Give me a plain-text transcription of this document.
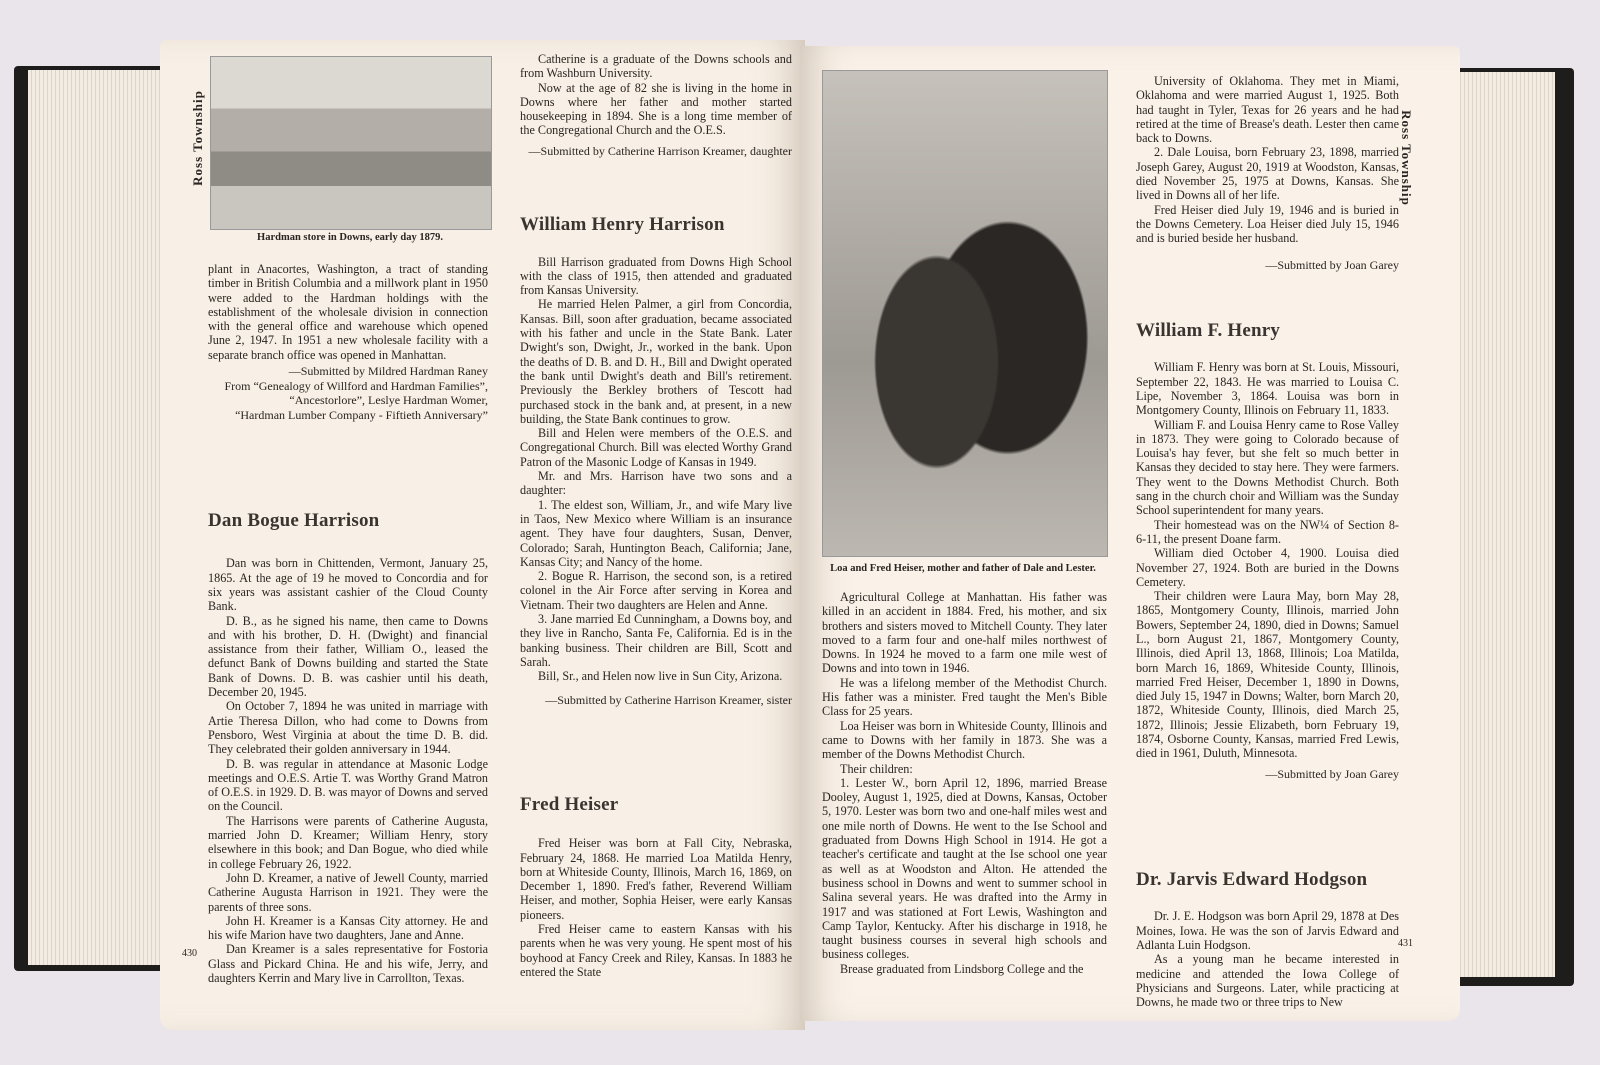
Ross Township
Hardman store in Downs, early day 1879.

plant in Anacortes, Washington, a tract of standing timber in British Columbia and a millwork plant in 1950 were added to the Hardman holdings with the establishment of the wholesale division in connection with the general office and warehouse which opened June 2, 1947. In 1951 a new wholesale facility with a separate branch office was opened in Manhattan.

—Submitted by Mildred Hardman Raney
From “Genealogy of Willford and Hardman Families”,
“Ancestorlore”, Leslye Hardman Womer,
“Hardman Lumber Company - Fiftieth Anniversary”
Dan Bogue Harrison

Dan was born in Chittenden, Vermont, January 25, 1865. At the age of 19 he moved to Concordia and for six years was assistant cashier of the Cloud County Bank.

D. B., as he signed his name, then came to Downs and with his brother, D. H. (Dwight) and financial assistance from their father, William O., leased the defunct Bank of Downs building and started the State Bank of Downs. D. B. was cashier until his death, December 20, 1945.

On October 7, 1894 he was united in marriage with Artie Theresa Dillon, who had come to Downs from Pensboro, West Virginia at about the time D. B. did. They celebrated their golden anniversary in 1944.

D. B. was regular in attendance at Masonic Lodge meetings and O.E.S. Artie T. was Worthy Grand Matron of O.E.S. in 1929. D. B. was mayor of Downs and served on the Council.

The Harrisons were parents of Catherine Augusta, married John D. Kreamer; William Henry, story elsewhere in this book; and Dan Bogue, who died while in college February 26, 1922.

John D. Kreamer, a native of Jewell County, married Catherine Augusta Harrison in 1921. They were the parents of three sons.

John H. Kreamer is a Kansas City attorney. He and his wife Marion have two daughters, Jane and Anne.

Dan Kreamer is a sales representative for Fostoria Glass and Pickard China. He and his wife, Jerry, and daughters Kerrin and Mary live in Carrollton, Texas.

430

Catherine is a graduate of the Downs schools and from Washburn University.

Now at the age of 82 she is living in the home in Downs where her father and mother started housekeeping in 1894. She is a long time member of the Congregational Church and the O.E.S.

—Submitted by Catherine Harrison Kreamer, daughter
William Henry Harrison

Bill Harrison graduated from Downs High School with the class of 1915, then attended and graduated from Kansas University.

He married Helen Palmer, a girl from Concordia, Kansas. Bill, soon after graduation, became associated with his father and uncle in the State Bank. Later Dwight's son, Dwight, Jr., worked in the bank. Upon the deaths of D. B. and D. H., Bill and Dwight operated the bank until Dwight's death and Bill's retirement. Previously the Berkley brothers of Tescott had purchased stock in the bank and, at present, in a new building, the State Bank continues to grow.

Bill and Helen were members of the O.E.S. and Congregational Church. Bill was elected Worthy Grand Patron of the Masonic Lodge of Kansas in 1949.

Mr. and Mrs. Harrison have two sons and a daughter:

1. The eldest son, William, Jr., and wife Mary live in Taos, New Mexico where William is an insurance agent. They have four daughters, Susan, Denver, Colorado; Sarah, Huntington Beach, California; Jane, Kansas City; and Nancy of the home.

2. Bogue R. Harrison, the second son, is a retired colonel in the Air Force after serving in Korea and Vietnam. Their two daughters are Helen and Anne.

3. Jane married Ed Cunningham, a Downs boy, and they live in Rancho, Santa Fe, California. Ed is in the banking business. Their children are Bill, Scott and Sarah.

Bill, Sr., and Helen now live in Sun City, Arizona.

—Submitted by Catherine Harrison Kreamer, sister
Fred Heiser

Fred Heiser was born at Fall City, Nebraska, February 24, 1868. He married Loa Matilda Henry, born at Whiteside County, Illinois, March 16, 1869, on December 1, 1890. Fred's father, Reverend William Heiser, and mother, Sophia Heiser, were early Kansas pioneers.

Fred Heiser came to eastern Kansas with his parents when he was very young. He spent most of his boyhood at Fancy Creek and Riley, Kansas. In 1883 he entered the State

Loa and Fred Heiser, mother and father of Dale and Lester.

Agricultural College at Manhattan. His father was killed in an accident in 1884. Fred, his mother, and six brothers and sisters moved to Mitchell County. They later moved to a farm four and one-half miles northwest of Downs. In 1924 he moved to a farm one mile west of Downs and into town in 1946.

He was a lifelong member of the Methodist Church. His father was a minister. Fred taught the Men's Bible Class for 25 years.

Loa Heiser was born in Whiteside County, Illinois and came to Downs with her family in 1873. She was a member of the Downs Methodist Church.

Their children:

1. Lester W., born April 12, 1896, married Brease Dooley, August 1, 1925, died at Downs, Kansas, October 5, 1970. Lester was born two and one-half miles west and one mile north of Downs. He went to the Ise School and graduated from Downs High School in 1914. He got a teacher's certificate and taught at the Ise school one year as well as at Woodston and Alton. He attended the business school in Downs and went to summer school in Salina several years. He was drafted into the Army in 1917 and was stationed at Fort Lewis, Washington and Camp Taylor, Kentucky. After his discharge in 1918, he taught business courses in several high schools and business colleges.

Brease graduated from Lindsborg College and the

University of Oklahoma. They met in Miami, Oklahoma and were married August 1, 1925. Both had taught in Tyler, Texas for 26 years and he had retired at the time of Brease's death. Lester then came back to Downs.

2. Dale Louisa, born February 23, 1898, married Joseph Garey, August 20, 1919 at Woodston, Kansas, died November 25, 1975 at Downs, Kansas. She lived in Downs all of her life.

Fred Heiser died July 19, 1946 and is buried in the Downs Cemetery. Loa Heiser died July 15, 1946 and is buried beside her husband.

—Submitted by Joan Garey
William F. Henry

William F. Henry was born at St. Louis, Missouri, September 22, 1843. He was married to Louisa C. Lipe, November 3, 1864. Louisa was born in Montgomery County, Illinois on February 11, 1833.

William F. and Louisa Henry came to Rose Valley in 1873. They were going to Colorado because of Louisa's hay fever, but she felt so much better in Kansas they decided to stay here. They were farmers. They went to the Downs Methodist Church. Both sang in the church choir and William was the Sunday School superintendent for many years.

Their homestead was on the NW¼ of Section 8-6-11, the present Doane farm.

William died October 4, 1900. Louisa died November 27, 1924. Both are buried in the Downs Cemetery.

Their children were Laura May, born May 28, 1865, Montgomery County, Illinois, married John Bowers, September 24, 1890, died in Downs; Samuel L., born August 21, 1867, Montgomery County, Illinois, died April 13, 1868, Illinois; Loa Matilda, born March 16, 1869, Whiteside County, Illinois, married Fred Heiser, December 1, 1890 in Downs, died July 15, 1947 in Downs; Walter, born March 20, 1872, Whiteside County, Illinois, died March 25, 1872, Illinois; Jessie Elizabeth, born February 19, 1874, Osborne County, Kansas, married Fred Lewis, died in 1961, Duluth, Minnesota.

—Submitted by Joan Garey
Dr. Jarvis Edward Hodgson

Dr. J. E. Hodgson was born April 29, 1878 at Des Moines, Iowa. He was the son of Jarvis Edward and Adlanta Luin Hodgson.

As a young man he became interested in medicine and attended the Iowa College of Physicians and Surgeons. Later, while practicing at Downs, he made two or three trips to New

Ross Township
431
